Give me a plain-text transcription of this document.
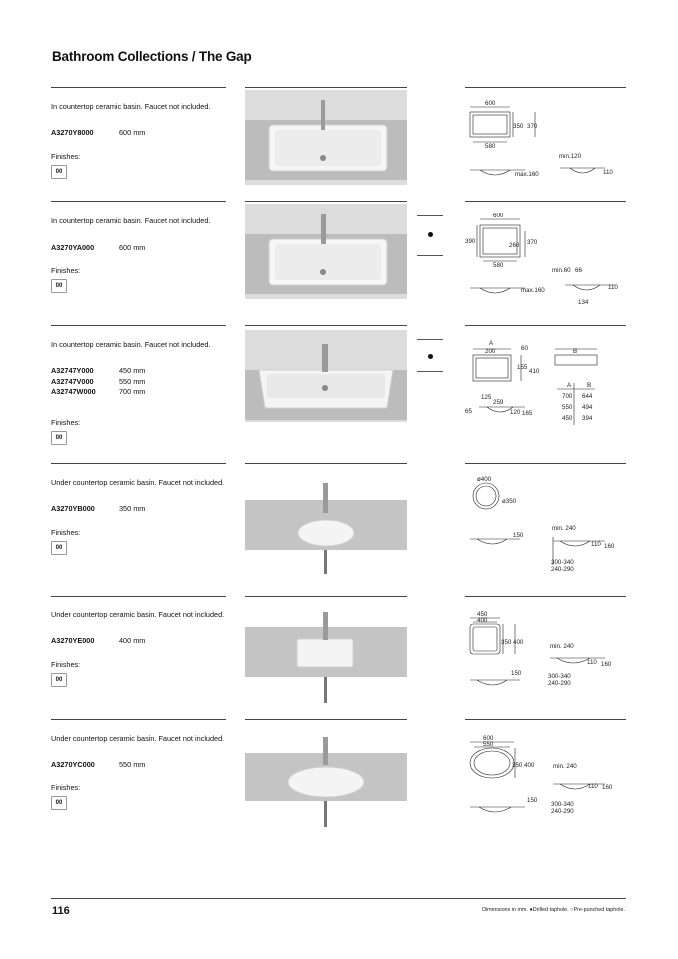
Bathroom Collections / The Gap
In countertop ceramic basin. Faucet not included.
A3270Y8000	600 mm
Finishes:
00
600
350 370
580
min.120
max.160	110
In countertop ceramic basin. Faucet not included.
A3270YA000	600 mm
Finishes:
00
600
390
260 370
580
min.60 66
max.160	110
134
In countertop ceramic basin. Faucet not included.
A32747Y000	450 mm
A32747V000	550 mm
A32747W000	700 mm
Finishes:
00
A
200	60	B
155
410
125
259
65	120 165
A	B
700 644
550 494
450 394
Under countertop ceramic basin. Faucet not included.
A3270YB000	350 mm
Finishes:
00
ø400
ø350
150
min. 240
110 160
300-340
240-290
Under countertop ceramic basin. Faucet not included.
A3270YE000	400 mm
Finishes:
00
450
400
350 400
150
min. 240
110 160
300-340
240-290
Under countertop ceramic basin. Faucet not included.
A3270YC000	550 mm
Finishes:
00
600
550
350 400
150
min. 240
110 160
300-340
240-290
116	Dimensions in mm. ●Drilled taphole. ○Pre-punched taphole.
